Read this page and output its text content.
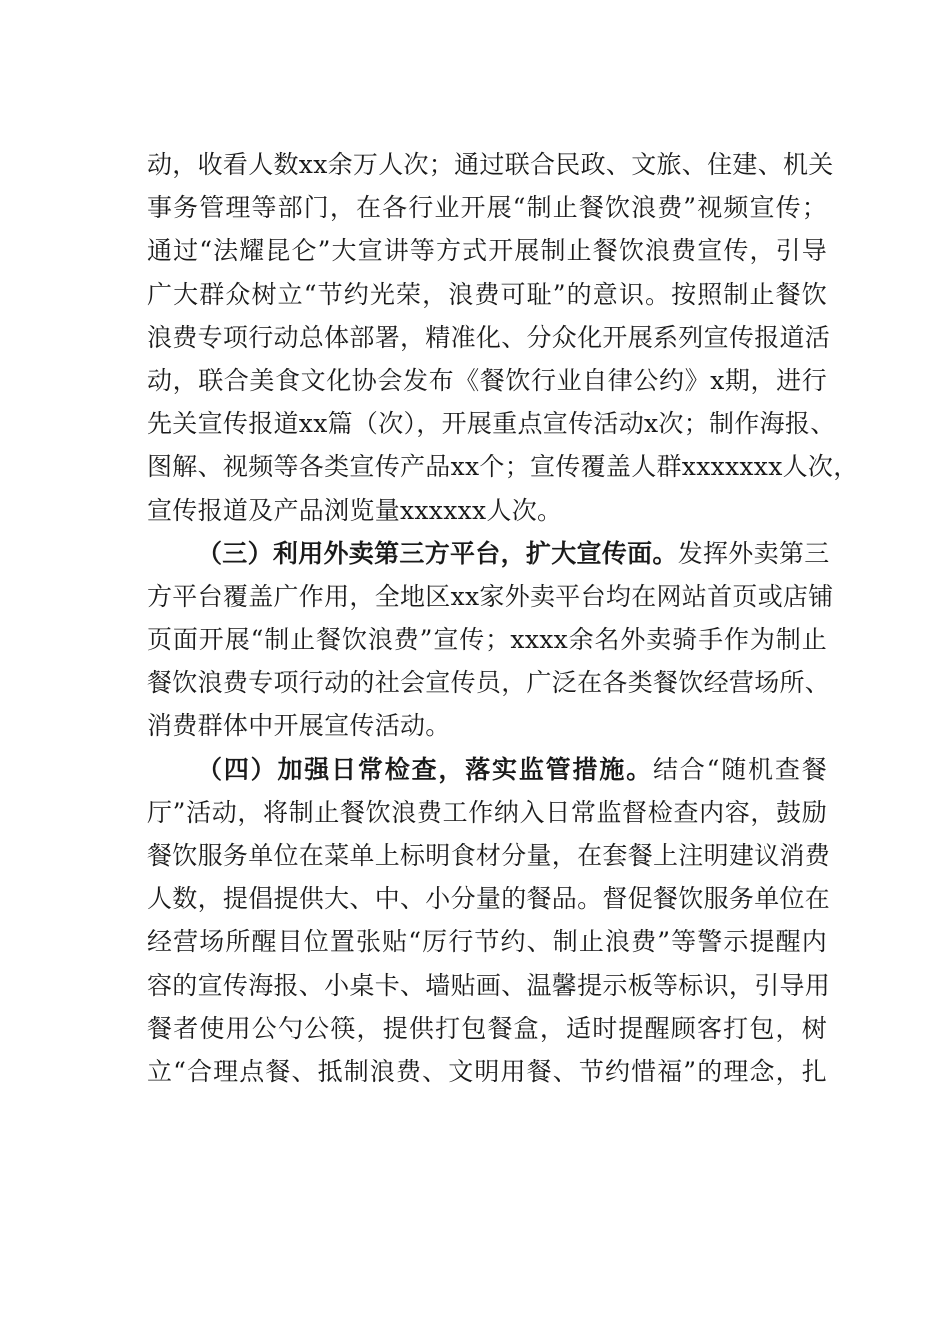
动，收看人数xx余万人次；通过联合民政、文旅、住建、机关
事务管理等部门，在各行业开展“制止餐饮浪费”视频宣传；
通过“法耀昆仑”大宣讲等方式开展制止餐饮浪费宣传，引导
广大群众树立“节约光荣，浪费可耻”的意识。按照制止餐饮
浪费专项行动总体部署，精准化、分众化开展系列宣传报道活
动，联合美食文化协会发布《餐饮行业自律公约》x期，进行
先关宣传报道xx篇（次），开展重点宣传活动x次；制作海报、
图解、视频等各类宣传产品xx个；宣传覆盖人群xxxxxxx人次，
宣传报道及产品浏览量xxxxxx人次。
（三）利用外卖第三方平台，扩大宣传面。发挥外卖第三
方平台覆盖广作用，全地区xx家外卖平台均在网站首页或店铺
页面开展“制止餐饮浪费”宣传；xxxx余名外卖骑手作为制止
餐饮浪费专项行动的社会宣传员，广泛在各类餐饮经营场所、
消费群体中开展宣传活动。
（四）加强日常检查，落实监管措施。结合“随机查餐
厅”活动，将制止餐饮浪费工作纳入日常监督检查内容，鼓励
餐饮服务单位在菜单上标明食材分量，在套餐上注明建议消费
人数，提倡提供大、中、小分量的餐品。督促餐饮服务单位在
经营场所醒目位置张贴“厉行节约、制止浪费”等警示提醒内
容的宣传海报、小桌卡、墙贴画、温馨提示板等标识，引导用
餐者使用公勺公筷，提供打包餐盒，适时提醒顾客打包，树
立“合理点餐、抵制浪费、文明用餐、节约惜福”的理念，扎
